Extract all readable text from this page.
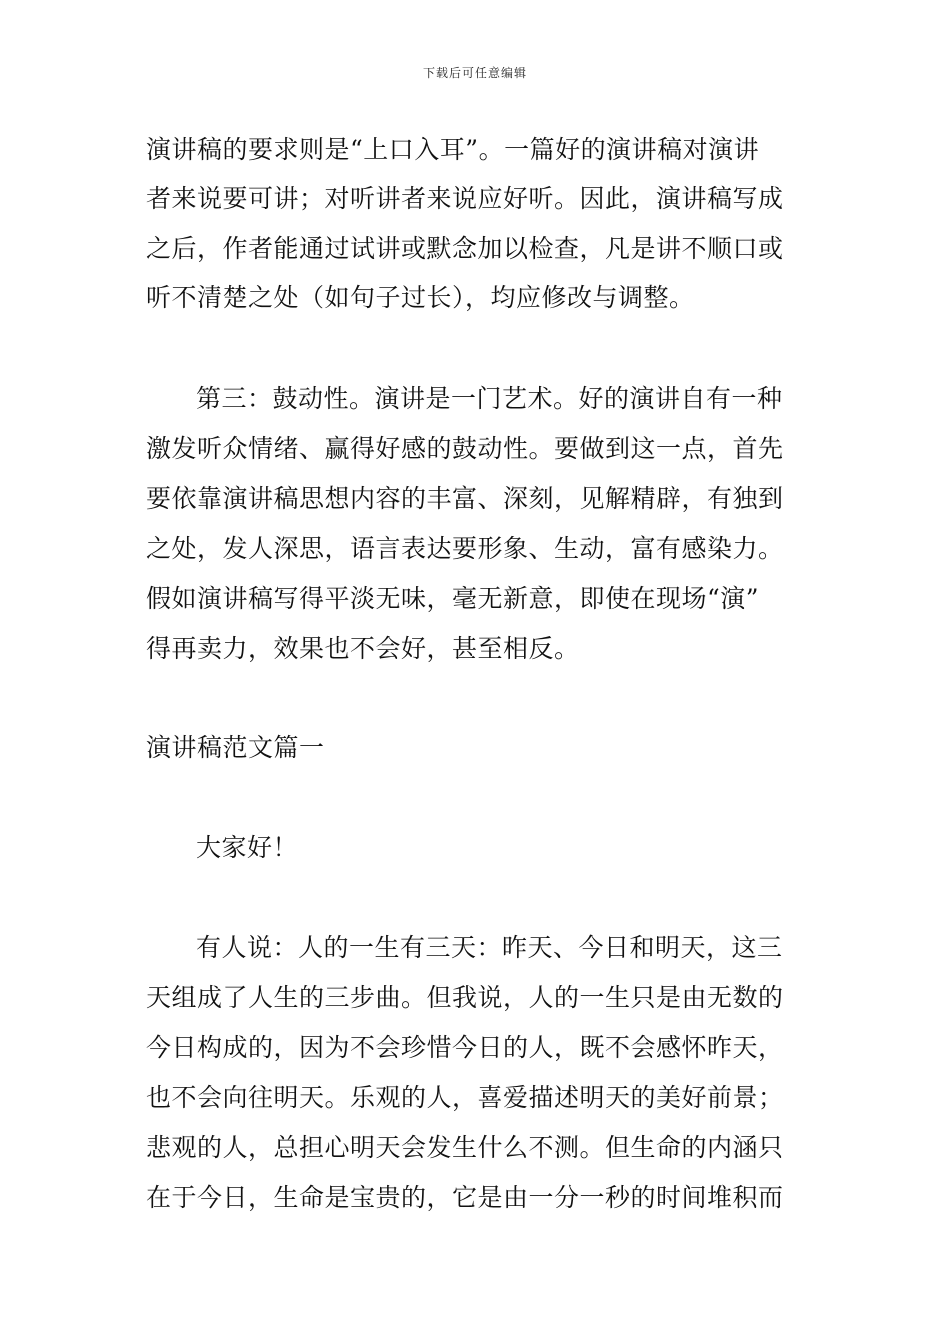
下载后可任意编辑
演讲稿的要求则是“上口入耳”。一篇好的演讲稿对演讲
者来说要可讲；对听讲者来说应好听。因此，演讲稿写成
之后，作者能通过试讲或默念加以检查，凡是讲不顺口或
听不清楚之处（如句子过长），均应修改与调整。
第三：鼓动性。演讲是一门艺术。好的演讲自有一种
激发听众情绪、赢得好感的鼓动性。要做到这一点，首先
要依靠演讲稿思想内容的丰富、深刻，见解精辟，有独到
之处，发人深思，语言表达要形象、生动，富有感染力。
假如演讲稿写得平淡无味，毫无新意，即使在现场“演”
得再卖力，效果也不会好，甚至相反。
演讲稿范文篇一
大家好！
有人说：人的一生有三天：昨天、今日和明天，这三
天组成了人生的三步曲。但我说，人的一生只是由无数的
今日构成的，因为不会珍惜今日的人，既不会感怀昨天，
也不会向往明天。乐观的人，喜爱描述明天的美好前景；
悲观的人，总担心明天会发生什么不测。但生命的内涵只
在于今日，生命是宝贵的，它是由一分一秒的时间堆积而
